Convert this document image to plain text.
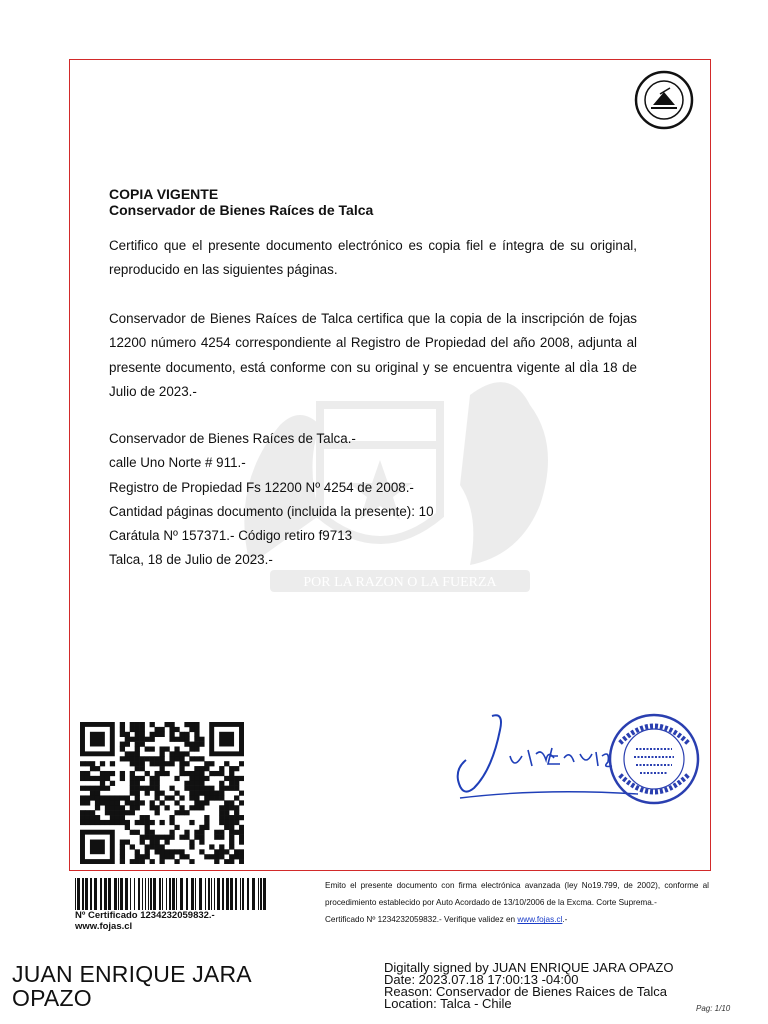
POR LA RAZON O LA FUERZA
COPIA VIGENTE
Conservador de Bienes Raíces de Talca
Certifico que el presente documento electrónico es copia fiel e íntegra de su original, reproducido en las siguientes páginas.
Conservador de Bienes Raíces de Talca certifica que la copia de la inscripción de fojas 12200 número 4254 correspondiente al Registro de Propiedad del año 2008, adjunta al presente documento, está conforme con su original y se encuentra vigente al dÌa 18 de Julio de 2023.-
Conservador de Bienes Raíces de Talca.-
calle Uno Norte # 911.-
Registro de Propiedad Fs 12200 Nº 4254 de 2008.-
Cantidad páginas documento (incluida la presente): 10
Carátula Nº 157371.- Código retiro f9713
Talca, 18 de Julio de 2023.-
Nº Certificado 1234232059832.-
www.fojas.cl
Emito el presente documento con firma electrónica avanzada (ley No19.799, de 2002), conforme al procedimiento establecido por Auto Acordado de 13/10/2006 de la Excma. Corte Suprema.-
Certificado Nº 1234232059832.- Verifique validez en www.fojas.cl.-
JUAN ENRIQUE JARA OPAZO
Digitally signed by JUAN ENRIQUE JARA OPAZO
Date: 2023.07.18 17:00:13 -04:00
Reason: Conservador de Bienes Raices de Talca
Location: Talca - Chile	Pag: 1/10
